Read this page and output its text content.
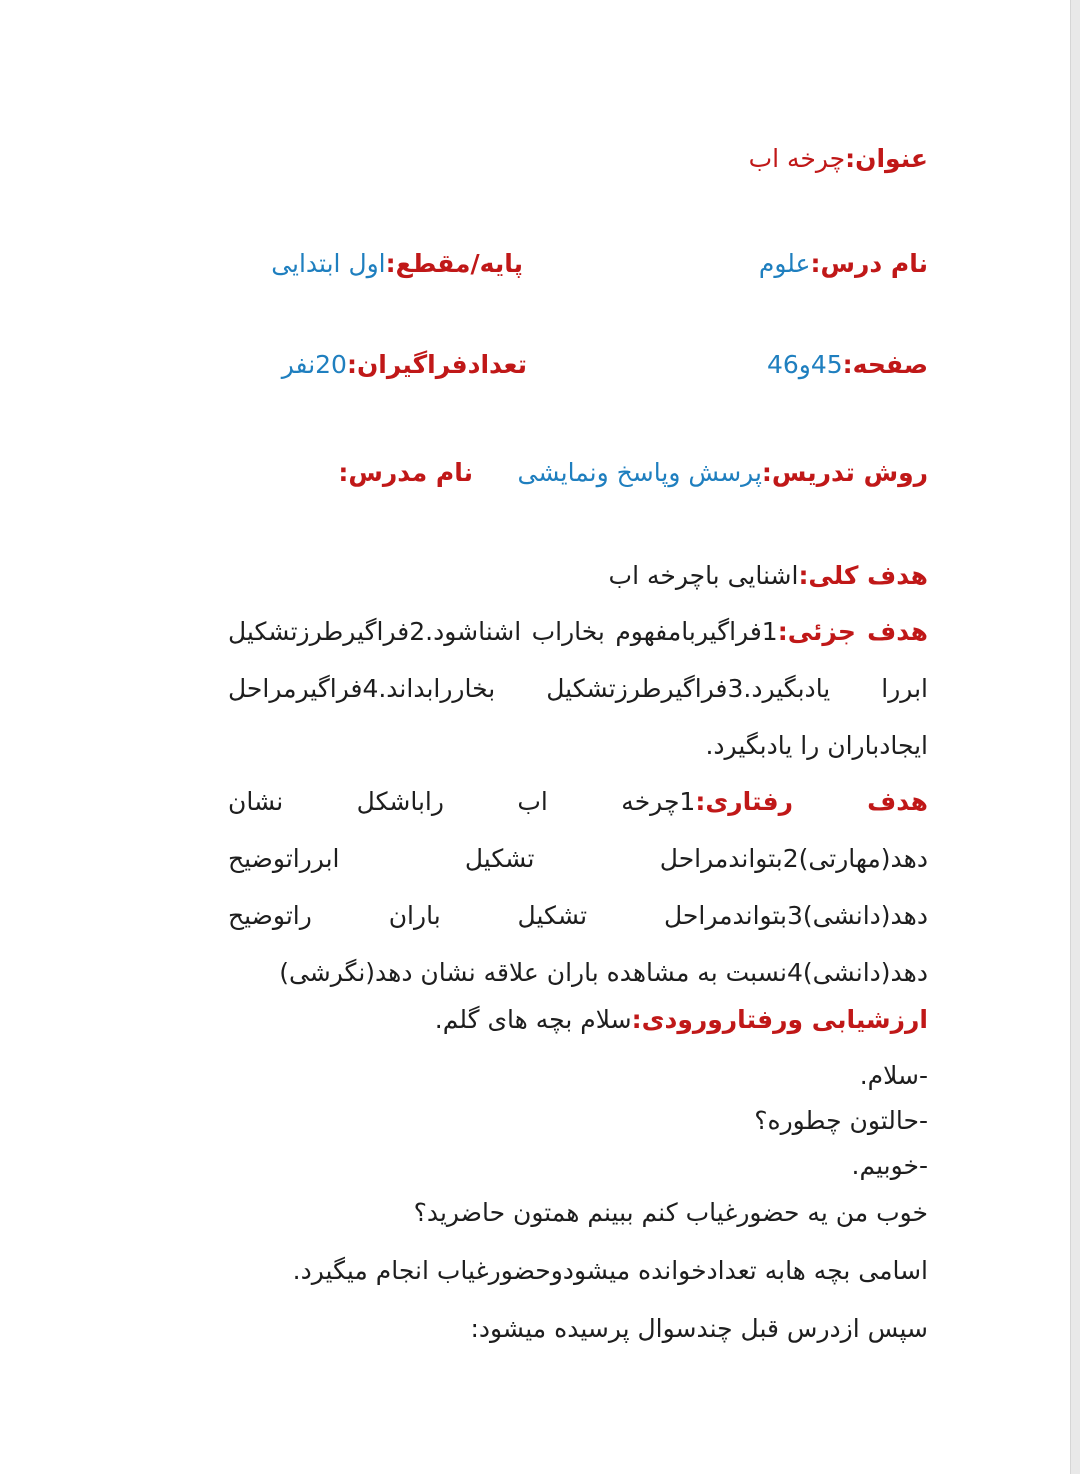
عنوان:چرخه اب
نام درس:علوم
پایه/مقطع:اول ابتدایی
صفحه:45و46
تعدادفراگیران:20نفر
روش تدریس:پرسش وپاسخ ونمایشی
نام مدرس:
هدف کلی:اشنایی باچرخه اب
هدف جزئی:1فراگیربامفهوم بخاراب اشناشود.2فراگیرطرزتشکیل ابررا یادبگیرد.3فراگیرطرزتشکیل بخاررابداند.4فراگیرمراحل ایجادباران را یادبگیرد.
هدف رفتاری:1چرخه اب راباشکل نشان دهد(مهارتی)2بتواندمراحل تشکیل ابرراتوضیح دهد(دانشی)3بتواندمراحل تشکیل باران راتوضیح دهد(دانشی)4نسبت به مشاهده باران علاقه نشان دهد(نگرشی)
ارزشیابی ورفتارورودی:سلام بچه های گلم.
-سلام.
-حالتون چطوره؟
-خوبیم.
خوب من یه حضورغیاب کنم ببینم همتون حاضرید؟
اسامی بچه هابه تعدادخوانده میشودوحضورغیاب انجام میگیرد.
سپس ازدرس قبل چندسوال پرسیده میشود:
